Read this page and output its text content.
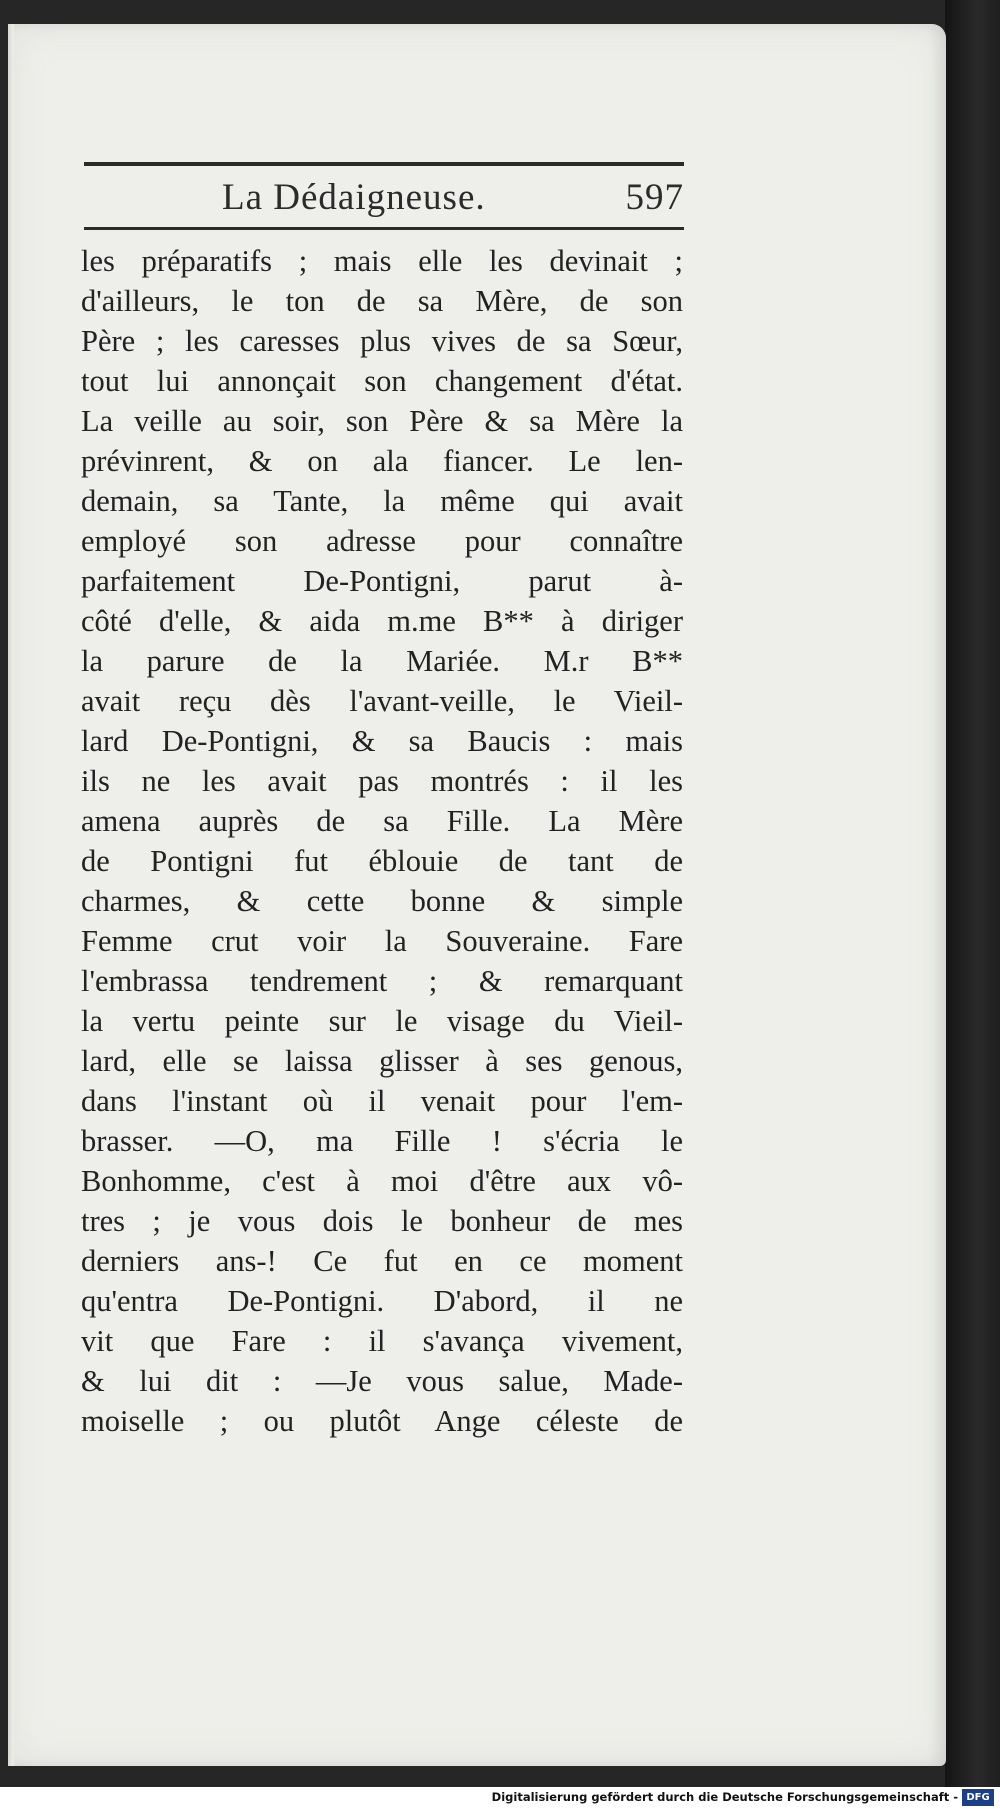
La Dédaigneuse.	597
les préparatifs ; mais elle les devinait ;
d'ailleurs, le ton de sa Mère, de son
Père ; les caresses plus vives de sa Sœur,
tout lui annonçait son changement d'état.
La veille au soir, son Père & sa Mère la
prévinrent, & on ala fiancer. Le len-
demain, sa Tante, la même qui avait
employé son adresse pour connaître
parfaitement De-Pontigni, parut à-
côté d'elle, & aida m.me B** à diriger
la parure de la Mariée. M.r B**
avait reçu dès l'avant-veille, le Vieil-
lard De-Pontigni, & sa Baucis : mais
ils ne les avait pas montrés : il les
amena auprès de sa Fille. La Mère
de Pontigni fut éblouie de tant de
charmes, & cette bonne & simple
Femme crut voir la Souveraine. Fare
l'embrassa tendrement ; & remarquant
la vertu peinte sur le visage du Vieil-
lard, elle se laissa glisser à ses genous,
dans l'instant où il venait pour l'em-
brasser. —O, ma Fille ! s'écria le
Bonhomme, c'est à moi d'être aux vô-
tres ; je vous dois le bonheur de mes
derniers ans-! Ce fut en ce moment
qu'entra De-Pontigni. D'abord, il ne
vit que Fare : il s'avança vivement,
& lui dit : —Je vous salue, Made-
moiselle ; ou plutôt Ange céleste de
Digitalisierung gefördert durch die Deutsche Forschungsgemeinschaft - DFG
